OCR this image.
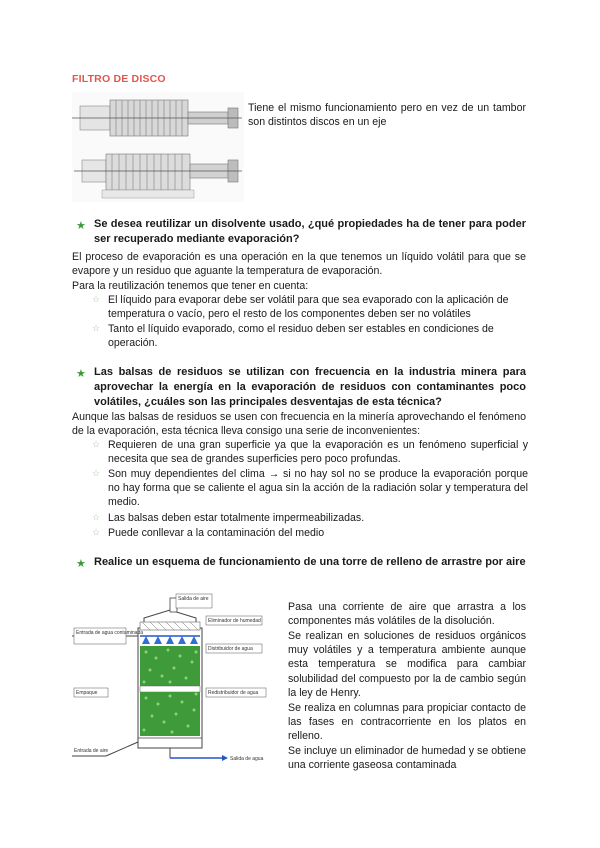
FILTRO DE DISCO
Tiene el mismo funcionamiento pero en vez de un tambor son distintos discos en un eje
★ Se desea reutilizar un disolvente usado, ¿qué propiedades ha de tener para poder ser recuperado mediante evaporación?
El proceso de evaporación es una operación en la que tenemos un líquido volátil para que se evapore y un residuo que aguante la temperatura de evaporación.
Para la reutilización tenemos que tener en cuenta:
☆ El líquido para evaporar debe ser volátil para que sea evaporado con la aplicación de temperatura o vacío, pero el resto de los componentes deben ser no volátiles
☆ Tanto el líquido evaporado, como el residuo deben ser estables en condiciones de operación.
★ Las balsas de residuos se utilizan con frecuencia en la industria minera para aprovechar la energía en la evaporación de residuos con contaminantes poco volátiles, ¿cuáles son las principales desventajas de esta técnica?
Aunque las balsas de residuos se usen con frecuencia en la minería aprovechando el fenómeno de la evaporación, esta técnica lleva consigo una serie de inconvenientes:
☆ Requieren de una gran superficie ya que la evaporación es un fenómeno superficial y necesita que sea de grandes superficies pero poco profundas.
☆ Son muy dependientes del clima → si no hay sol no se produce la evaporación porque no hay forma que se caliente el agua sin la acción de la radiación solar y temperatura del medio.
☆ Las balsas deben estar totalmente impermeabilizadas.
☆ Puede conllevar a la contaminación del medio
★ Realice un esquema de funcionamiento de una torre de relleno de arrastre por aire
Salida de aire
Eliminador de humedad
Entrada de agua contaminada
Distribuidor de agua
Empaque	Redistribuidor de agua
Entrada de aire
Salida de agua
Pasa una corriente de aire que arrastra a los componentes más volátiles de la disolución.
Se realizan en soluciones de residuos orgánicos muy volátiles y a temperatura ambiente aunque esta temperatura se modifica para cambiar solubilidad del compuesto por la de cambio según la ley de Henry.
Se realiza en columnas para propiciar contacto de las fases en contracorriente en los platos en relleno.
Se incluye un eliminador de humedad y se obtiene una corriente gaseosa contaminada
